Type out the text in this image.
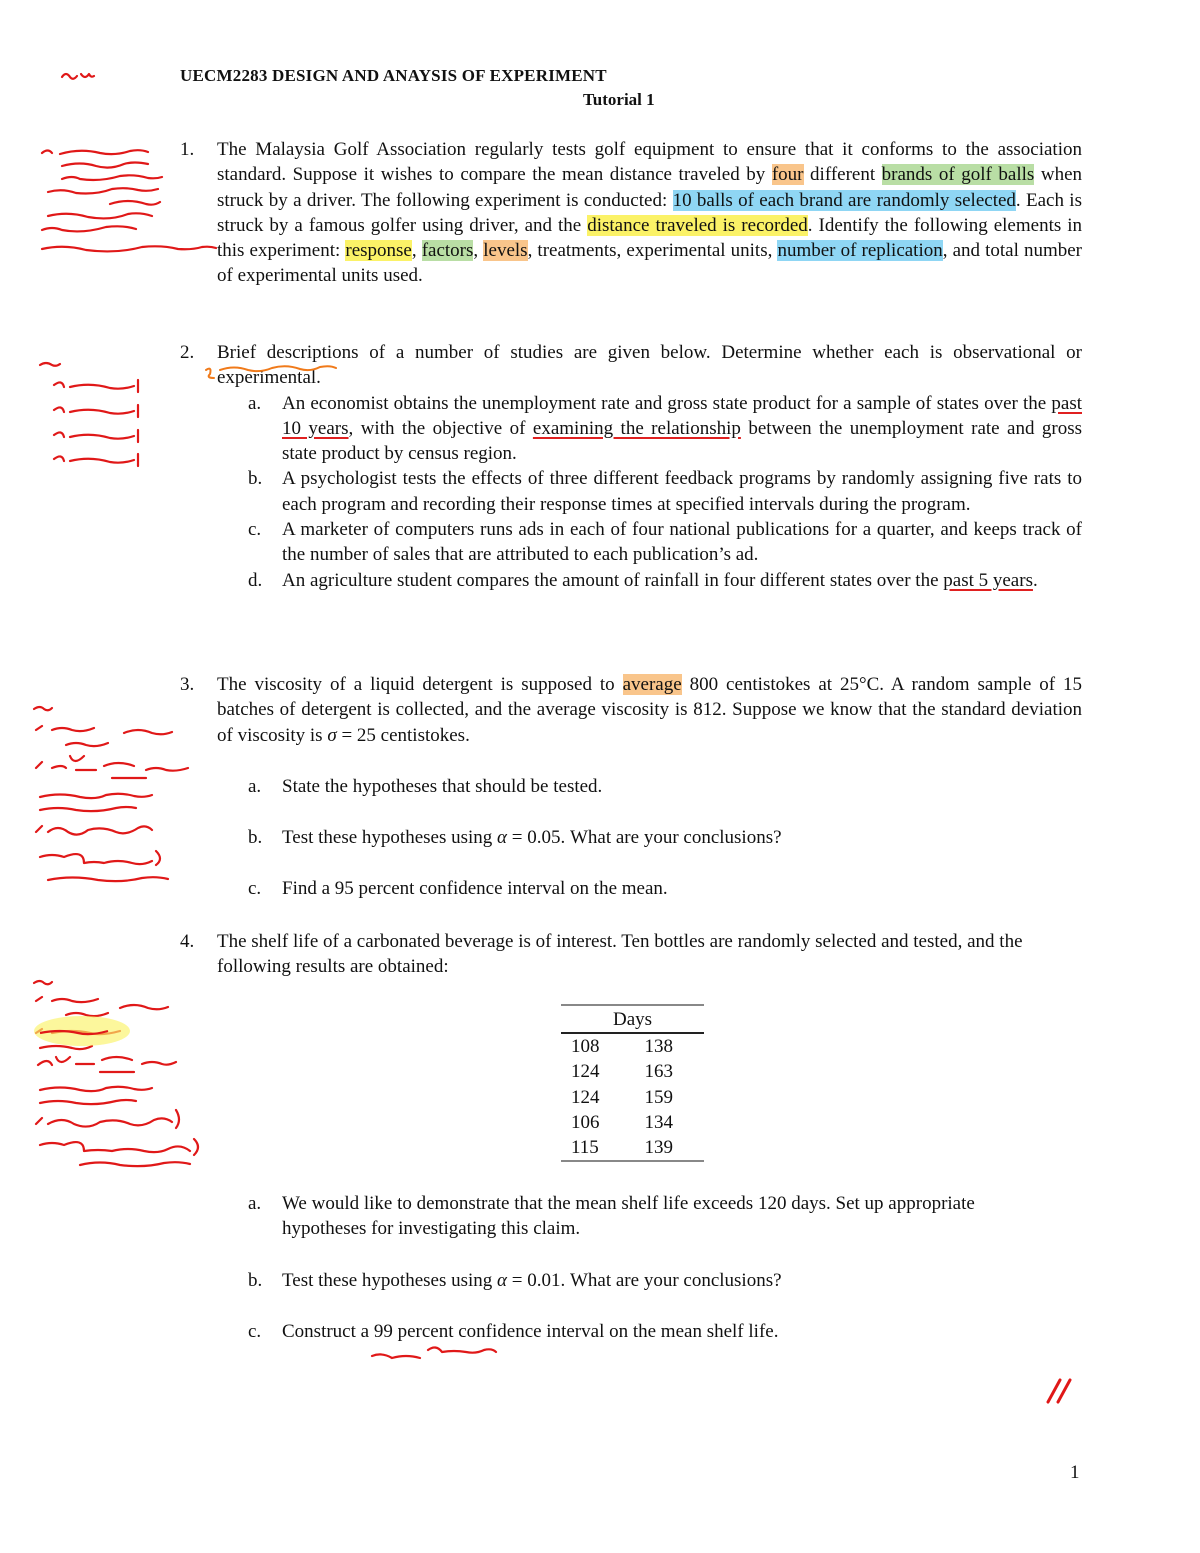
UECM2283 DESIGN AND ANAYSIS OF EXPERIMENT
Tutorial 1
1. The Malaysia Golf Association regularly tests golf equipment to ensure that it conforms to the association standard. Suppose it wishes to compare the mean distance traveled by four different brands of golf balls when struck by a driver. The following experiment is conducted: 10 balls of each brand are randomly selected. Each is struck by a famous golfer using driver, and the distance traveled is recorded. Identify the following elements in this experiment: response, factors, levels, treatments, experimental units, number of replication, and total number of experimental units used.
2. Brief descriptions of a number of studies are given below. Determine whether each is observational or experimental.
a. An economist obtains the unemployment rate and gross state product for a sample of states over the past 10 years, with the objective of examining the relationship between the unemployment rate and gross state product by census region.
b. A psychologist tests the effects of three different feedback programs by randomly assigning five rats to each program and recording their response times at specified intervals during the program.
c. A marketer of computers runs ads in each of four national publications for a quarter, and keeps track of the number of sales that are attributed to each publication’s ad.
d. An agriculture student compares the amount of rainfall in four different states over the past 5 years.
3. The viscosity of a liquid detergent is supposed to average 800 centistokes at 25°C. A random sample of 15 batches of detergent is collected, and the average viscosity is 812. Suppose we know that the standard deviation of viscosity is σ = 25 centistokes.
a. State the hypotheses that should be tested.
b. Test these hypotheses using α = 0.05. What are your conclusions?
c. Find a 95 percent confidence interval on the mean.
4. The shelf life of a carbonated beverage is of interest. Ten bottles are randomly selected and tested, and the following results are obtained:
Days
108	138
124	163
124	159
106	134
115	139
a. We would like to demonstrate that the mean shelf life exceeds 120 days. Set up appropriate hypotheses for investigating this claim.
b. Test these hypotheses using α = 0.01. What are your conclusions?
c. Construct a 99 percent confidence interval on the mean shelf life.
1
